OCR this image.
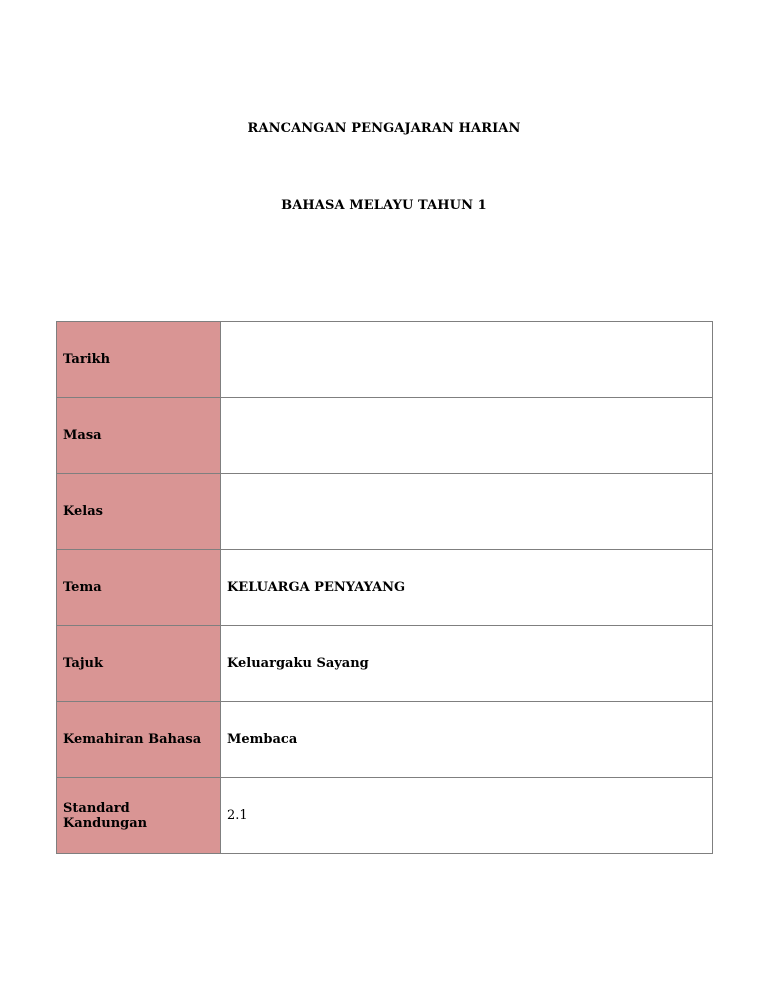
RANCANGAN PENGAJARAN HARIAN
BAHASA MELAYU TAHUN 1
Tarikh	
Masa	
Kelas	
Tema	KELUARGA PENYAYANG
Tajuk	Keluargaku Sayang
Kemahiran Bahasa	Membaca
Standard Kandungan	2.1
